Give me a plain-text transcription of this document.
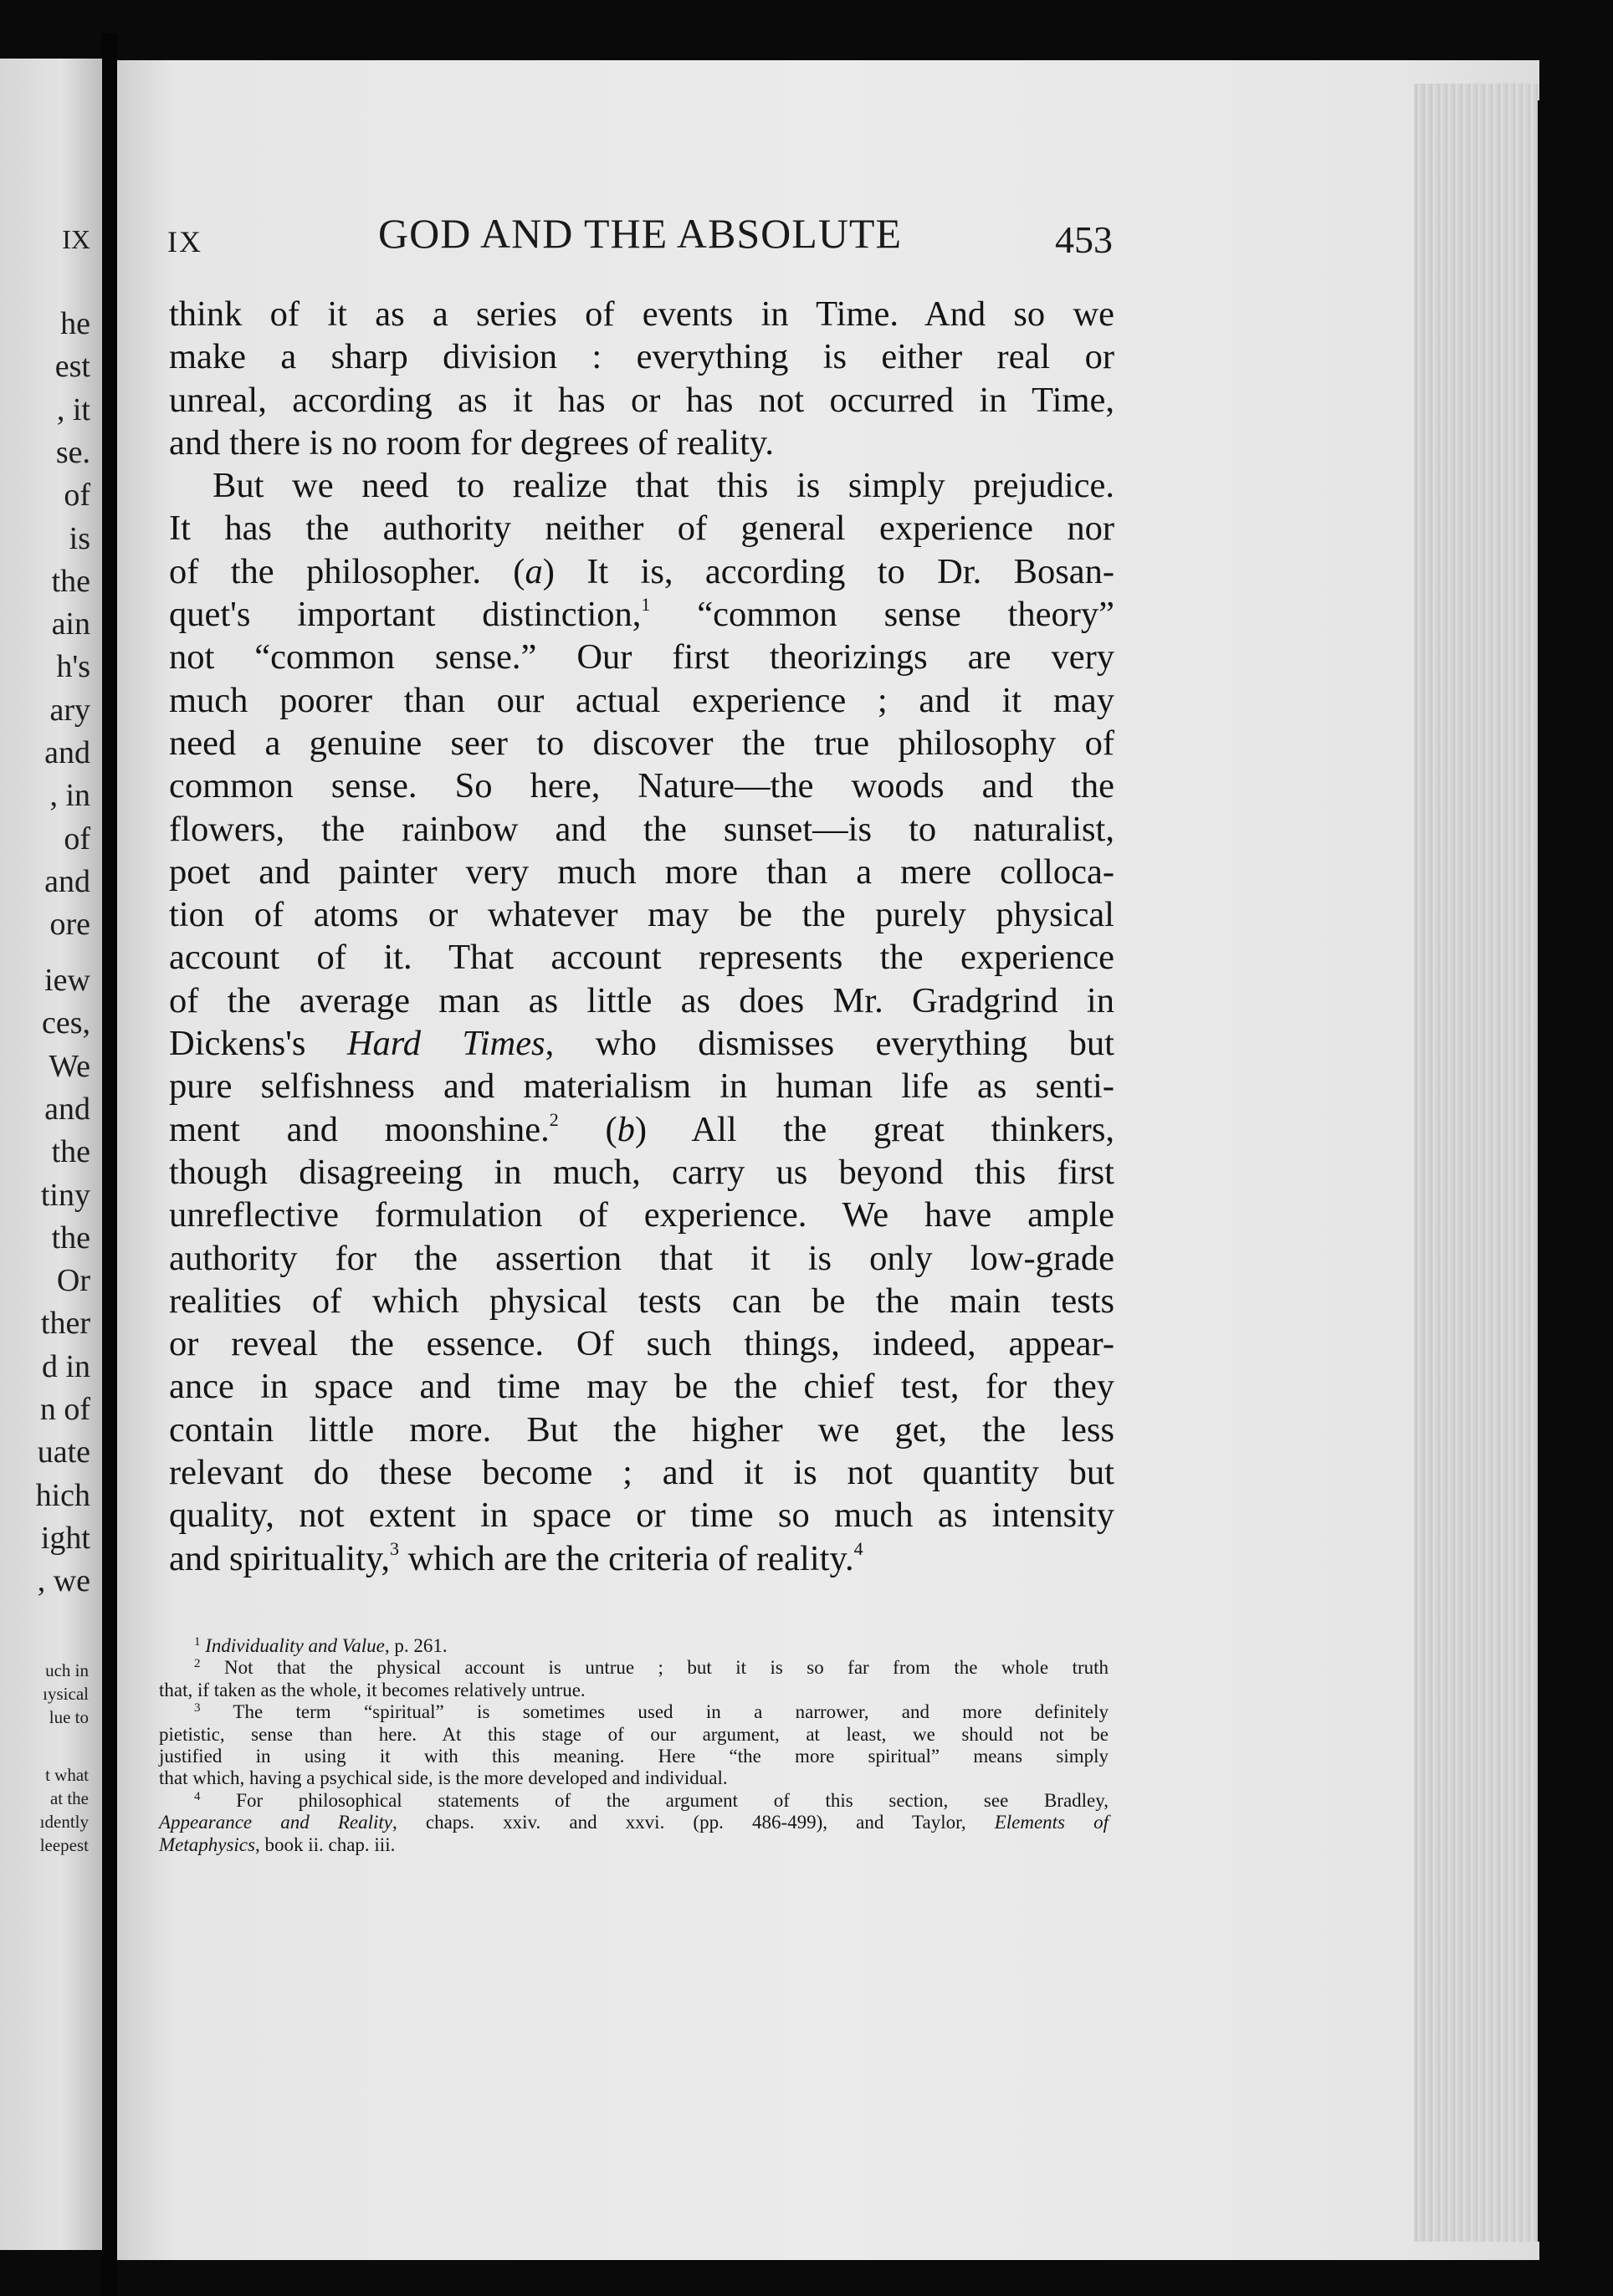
IX
he
est
, it
se.
of
is
the
ain
h's
ary
and
, in
of
and
ore
iew
ces,
We
and
the
tiny
the
Or
ther
d in
n of
uate
hich
ight
, we
uch in
ıysical
lue to
t what
at the
ıdently
leepest
IX	GOD AND THE ABSOLUTE	453
think of it as a series of events in Time. And so we
make a sharp division : everything is either real or
unreal, according as it has or has not occurred in Time,
and there is no room for degrees of reality.
But we need to realize that this is simply prejudice.
It has the authority neither of general experience nor
of the philosopher. (a) It is, according to Dr. Bosan-
quet's important distinction,$^1$ “common sense theory”
not “common sense.” Our first theorizings are very
much poorer than our actual experience ; and it may
need a genuine seer to discover the true philosophy of
common sense. So here, Nature—the woods and the
flowers, the rainbow and the sunset—is to naturalist,
poet and painter very much more than a mere colloca-
tion of atoms or whatever may be the purely physical
account of it. That account represents the experience
of the average man as little as does Mr. Gradgrind in
Dickens's Hard Times, who dismisses everything but
pure selfishness and materialism in human life as senti-
ment and moonshine.$^2$ (b) All the great thinkers,
though disagreeing in much, carry us beyond this first
unreflective formulation of experience. We have ample
authority for the assertion that it is only low-grade
realities of which physical tests can be the main tests
or reveal the essence. Of such things, indeed, appear-
ance in space and time may be the chief test, for they
contain little more. But the higher we get, the less
relevant do these become ; and it is not quantity but
quality, not extent in space or time so much as intensity
and spirituality,$^3$ which are the criteria of reality.$^4$
$^1$ Individuality and Value, p. 261.
$^2$ Not that the physical account is untrue ; but it is so far from the whole truth
that, if taken as the whole, it becomes relatively untrue.
$^3$ The term “spiritual” is sometimes used in a narrower, and more definitely
pietistic, sense than here. At this stage of our argument, at least, we should not be
justified in using it with this meaning. Here “the more spiritual” means simply
that which, having a psychical side, is the more developed and individual.
$^4$ For philosophical statements of the argument of this section, see Bradley,
Appearance and Reality, chaps. xxiv. and xxvi. (pp. 486-499), and Taylor, Elements of
Metaphysics, book ii. chap. iii.
